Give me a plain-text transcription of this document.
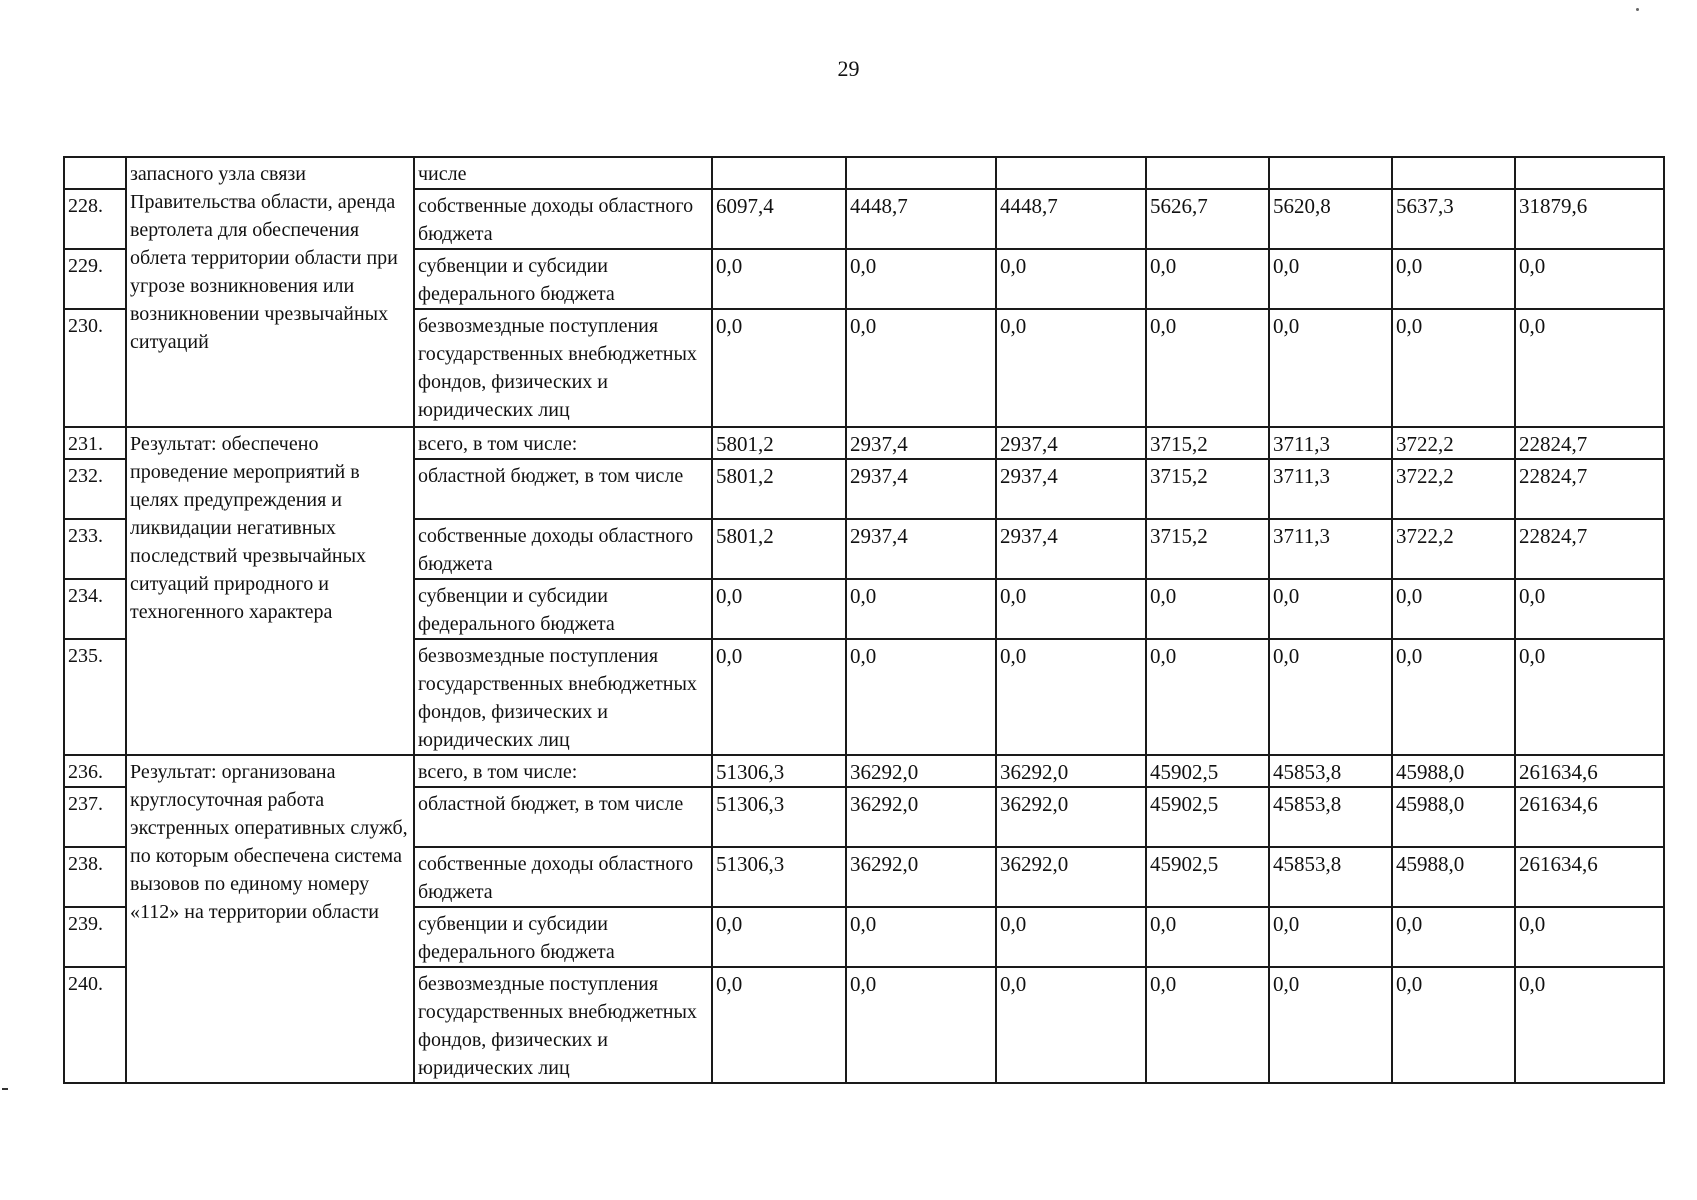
29
	запасного узла связи Правительства области, аренда вертолета для обеспечения облета территории области при угрозе возникновения или возникновении чрезвычайных ситуаций	числе							
228.		собственные доходы областного бюджета	6097,4	4448,7	4448,7	5626,7	5620,8	5637,3	31879,6
229.		субвенции и субсидии федерального бюджета	0,0	0,0	0,0	0,0	0,0	0,0	0,0
230.		безвозмездные поступления государственных внебюджетных фондов, физических и юридических лиц	0,0	0,0	0,0	0,0	0,0	0,0	0,0
231.	Результат: обеспечено проведение мероприятий в целях предупреждения и ликвидации негативных последствий чрезвычайных ситуаций природного и техногенного характера	всего, в том числе:	5801,2	2937,4	2937,4	3715,2	3711,3	3722,2	22824,7
232.		областной бюджет, в том числе	5801,2	2937,4	2937,4	3715,2	3711,3	3722,2	22824,7
233.		собственные доходы областного бюджета	5801,2	2937,4	2937,4	3715,2	3711,3	3722,2	22824,7
234.		субвенции и субсидии федерального бюджета	0,0	0,0	0,0	0,0	0,0	0,0	0,0
235.		безвозмездные поступления государственных внебюджетных фондов, физических и юридических лиц	0,0	0,0	0,0	0,0	0,0	0,0	0,0
236.	Результат: организована круглосуточная работа экстренных оперативных служб, по которым обеспечена система вызовов по единому номеру «112» на территории области	всего, в том числе:	51306,3	36292,0	36292,0	45902,5	45853,8	45988,0	261634,6
237.		областной бюджет, в том числе	51306,3	36292,0	36292,0	45902,5	45853,8	45988,0	261634,6
238.		собственные доходы областного бюджета	51306,3	36292,0	36292,0	45902,5	45853,8	45988,0	261634,6
239.		субвенции и субсидии федерального бюджета	0,0	0,0	0,0	0,0	0,0	0,0	0,0
240.		безвозмездные поступления государственных внебюджетных фондов, физических и юридических лиц	0,0	0,0	0,0	0,0	0,0	0,0	0,0
